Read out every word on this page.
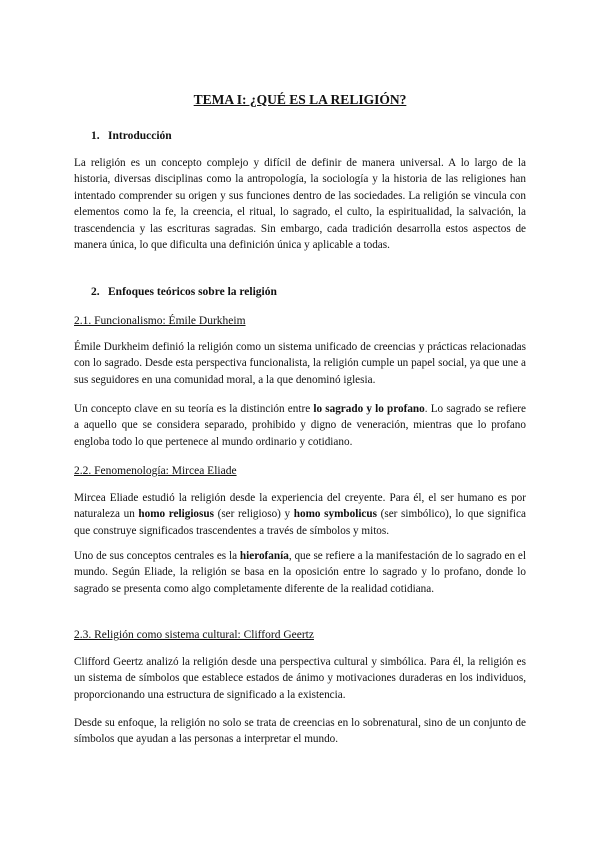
TEMA I: ¿QUÉ ES LA RELIGIÓN?
1. Introducción

La religión es un concepto complejo y difícil de definir de manera universal. A lo largo de la historia, diversas disciplinas como la antropología, la sociología y la historia de las religiones han intentado comprender su origen y sus funciones dentro de las sociedades. La religión se vincula con elementos como la fe, la creencia, el ritual, lo sagrado, el culto, la espiritualidad, la salvación, la trascendencia y las escrituras sagradas. Sin embargo, cada tradición desarrolla estos aspectos de manera única, lo que dificulta una definición única y aplicable a todas.

2. Enfoques teóricos sobre la religión
2.1. Funcionalismo: Émile Durkheim

Émile Durkheim definió la religión como un sistema unificado de creencias y prácticas relacionadas con lo sagrado. Desde esta perspectiva funcionalista, la religión cumple un papel social, ya que une a sus seguidores en una comunidad moral, a la que denominó iglesia.

Un concepto clave en su teoría es la distinción entre lo sagrado y lo profano. Lo sagrado se refiere a aquello que se considera separado, prohibido y digno de veneración, mientras que lo profano engloba todo lo que pertenece al mundo ordinario y cotidiano.

2.2. Fenomenología: Mircea Eliade

Mircea Eliade estudió la religión desde la experiencia del creyente. Para él, el ser humano es por naturaleza un homo religiosus (ser religioso) y homo symbolicus (ser simbólico), lo que significa que construye significados trascendentes a través de símbolos y mitos.

Uno de sus conceptos centrales es la hierofanía, que se refiere a la manifestación de lo sagrado en el mundo. Según Eliade, la religión se basa en la oposición entre lo sagrado y lo profano, donde lo sagrado se presenta como algo completamente diferente de la realidad cotidiana.

2.3. Religión como sistema cultural: Clifford Geertz

Clifford Geertz analizó la religión desde una perspectiva cultural y simbólica. Para él, la religión es un sistema de símbolos que establece estados de ánimo y motivaciones duraderas en los individuos, proporcionando una estructura de significado a la existencia.

Desde su enfoque, la religión no solo se trata de creencias en lo sobrenatural, sino de un conjunto de símbolos que ayudan a las personas a interpretar el mundo.
